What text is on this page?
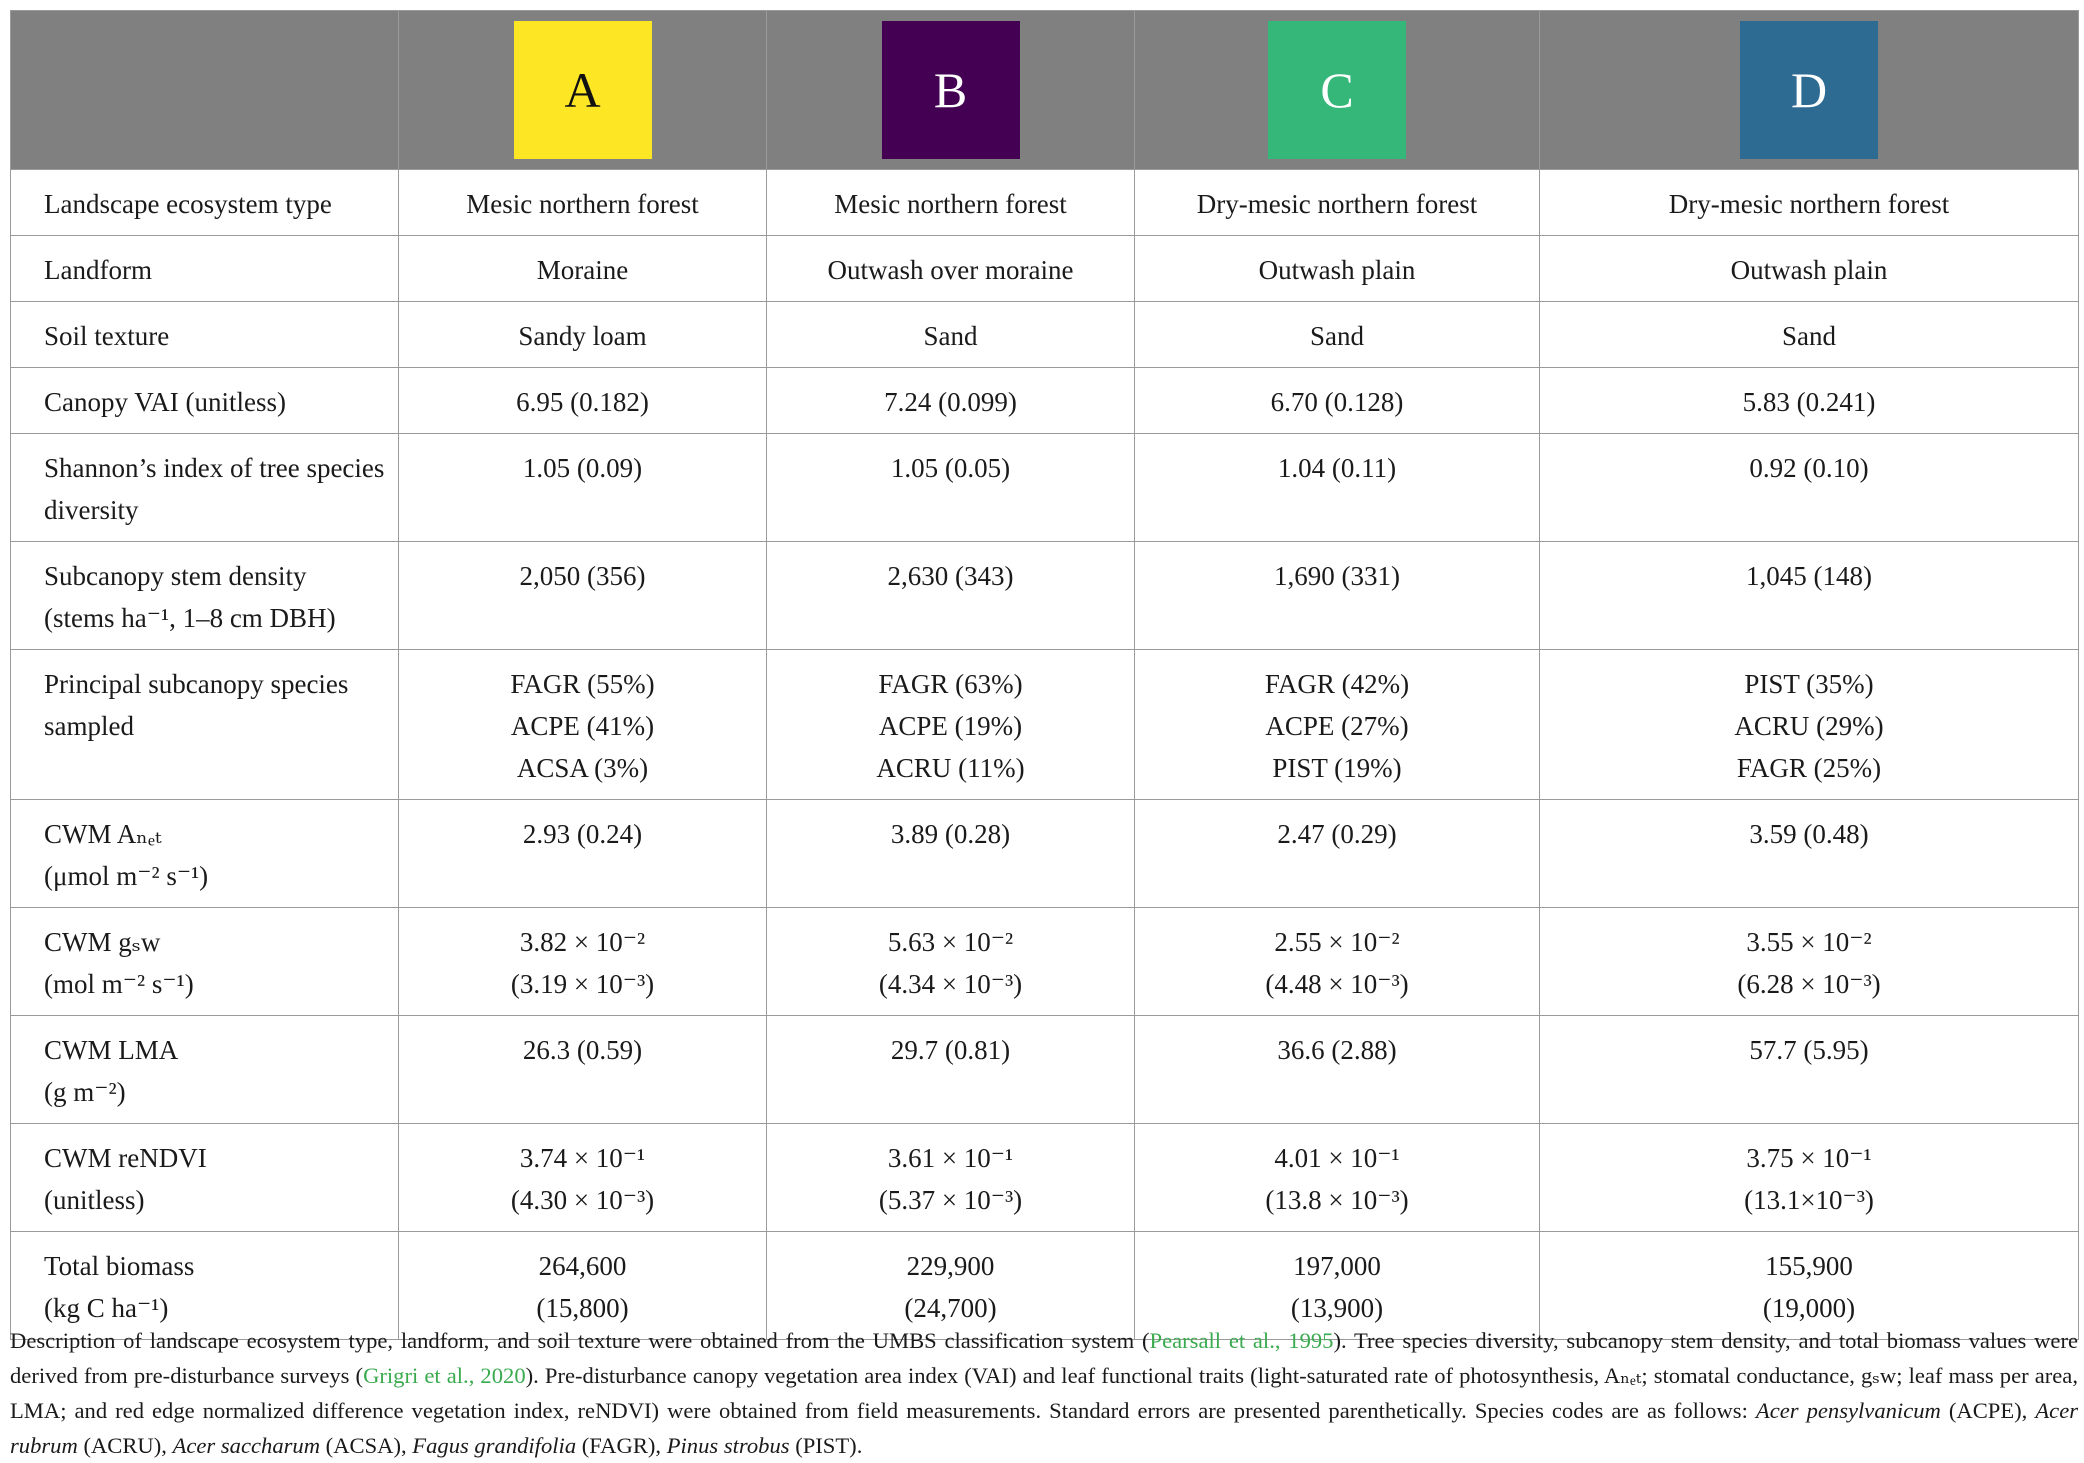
	A	B	C	D

Landscape ecosystem type	Mesic northern forest	Mesic northern forest	Dry-mesic northern forest	Dry-mesic northern forest

Landform	Moraine	Outwash over moraine	Outwash plain	Outwash plain

Soil texture	Sandy loam	Sand	Sand	Sand

Canopy VAI (unitless)	6.95 (0.182)	7.24 (0.099)	6.70 (0.128)	5.83 (0.241)

Shannon’s index of tree species diversity	1.05 (0.09)	1.05 (0.05)	1.04 (0.11)	0.92 (0.10)

Subcanopy stem density
(stems ha⁻¹, 1–8 cm DBH)	2,050 (356)	2,630 (343)	1,690 (331)	1,045 (148)

Principal subcanopy species sampled	FAGR (55%)
ACPE (41%)
ACSA (3%)	FAGR (63%)
ACPE (19%)
ACRU (11%)	FAGR (42%)
ACPE (27%)
PIST (19%)	PIST (35%)
ACRU (29%)
FAGR (25%)

CWM Aₙₑₜ
(μmol m⁻² s⁻¹)	2.93 (0.24)	3.89 (0.28)	2.47 (0.29)	3.59 (0.48)

CWM gₛw
(mol m⁻² s⁻¹)	3.82 × 10⁻²
(3.19 × 10⁻³)	5.63 × 10⁻²
(4.34 × 10⁻³)	2.55 × 10⁻²
(4.48 × 10⁻³)	3.55 × 10⁻²
(6.28 × 10⁻³)

CWM LMA
(g m⁻²)	26.3 (0.59)	29.7 (0.81)	36.6 (2.88)	57.7 (5.95)

CWM reNDVI
(unitless)	3.74 × 10⁻¹
(4.30 × 10⁻³)	3.61 × 10⁻¹
(5.37 × 10⁻³)	4.01 × 10⁻¹
(13.8 × 10⁻³)	3.75 × 10⁻¹
(13.1×10⁻³)

Total biomass
(kg C ha⁻¹)	264,600
(15,800)	229,900
(24,700)	197,000
(13,900)	155,900
(19,000)

Description of landscape ecosystem type, landform, and soil texture were obtained from the UMBS classification system (Pearsall et al., 1995). Tree species diversity, subcanopy stem density, and total biomass values were derived from pre-disturbance surveys (Grigri et al., 2020). Pre-disturbance canopy vegetation area index (VAI) and leaf functional traits (light-saturated rate of photosynthesis, Aₙₑₜ; stomatal conductance, gₛw; leaf mass per area, LMA; and red edge normalized difference vegetation index, reNDVI) were obtained from field measurements. Standard errors are presented parenthetically. Species codes are as follows: Acer pensylvanicum (ACPE), Acer rubrum (ACRU), Acer saccharum (ACSA), Fagus grandifolia (FAGR), Pinus strobus (PIST).
